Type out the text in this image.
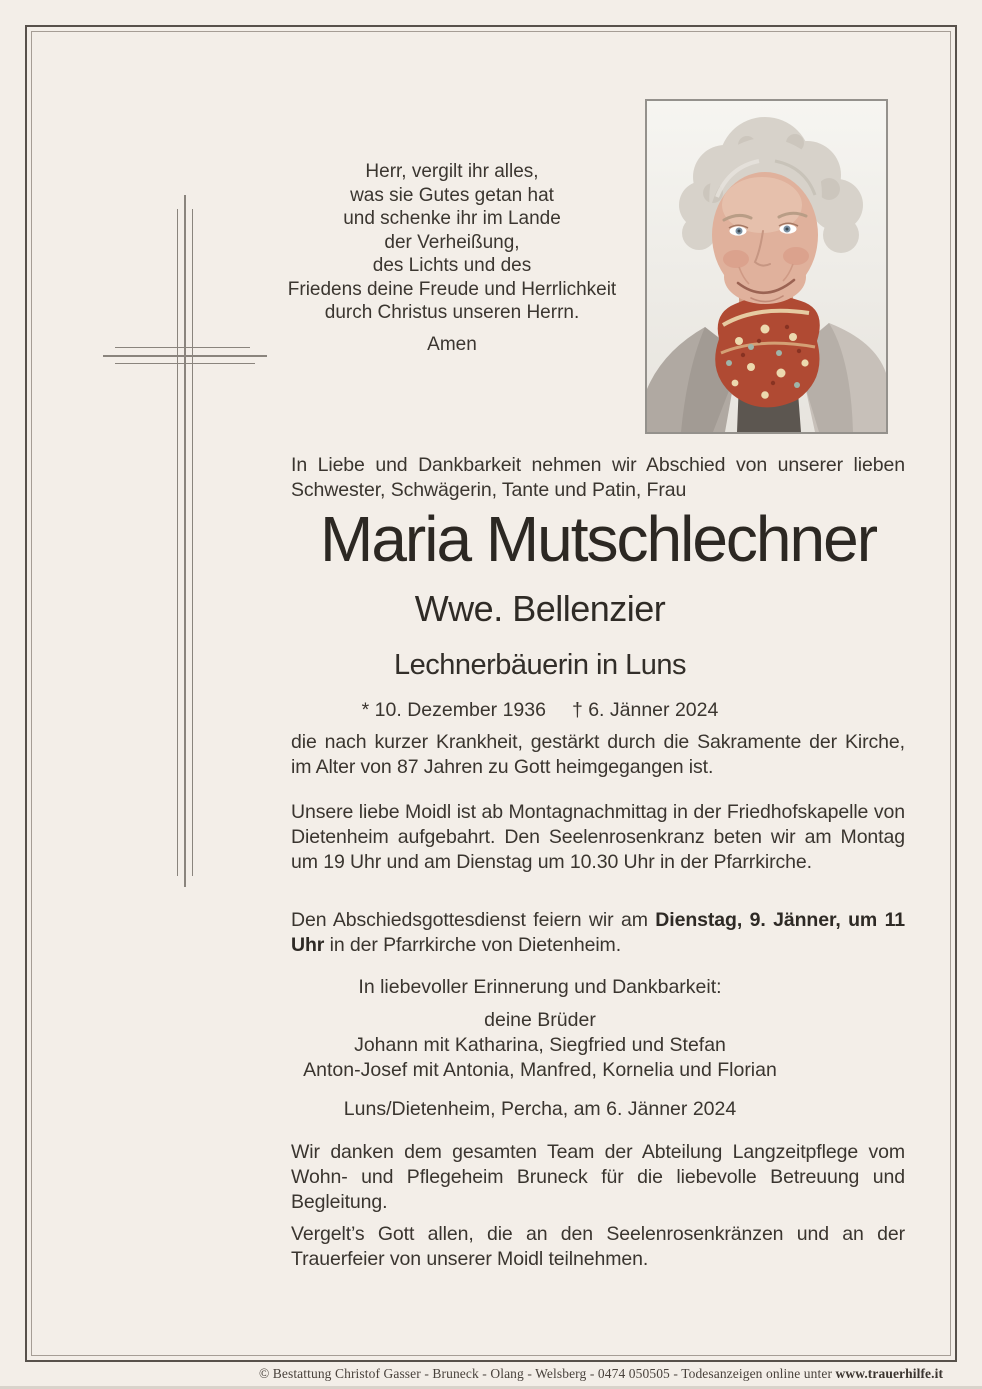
Herr, vergilt ihr alles,
was sie Gutes getan hat
und schenke ihr im Lande
der Verheißung,
des Lichts und des
Friedens deine Freude und Herrlichkeit
durch Christus unseren Herrn.
Amen
In Liebe und Dankbarkeit nehmen wir Abschied von unserer lieben Schwester, Schwägerin, Tante und Patin, Frau
Maria Mutschlechner
Wwe. Bellenzier
Lechnerbäuerin in Luns
* 10. Dezember 1936 † 6. Jänner 2024
die nach kurzer Krankheit, gestärkt durch die Sakramente der Kirche, im Alter von 87 Jahren zu Gott heimgegangen ist.
Unsere liebe Moidl ist ab Montagnachmittag in der Friedhofskapelle von Dietenheim aufgebahrt. Den Seelenrosenkranz beten wir am Montag um 19 Uhr und am Dienstag um 10.30 Uhr in der Pfarrkirche.
Den Abschiedsgottesdienst feiern wir am Dienstag, 9. Jänner, um 11 Uhr in der Pfarrkirche von Dietenheim.
In liebevoller Erinnerung und Dankbarkeit:
deine Brüder
Johann mit Katharina, Siegfried und Stefan
Anton-Josef mit Antonia, Manfred, Kornelia und Florian
Luns/Dietenheim, Percha, am 6. Jänner 2024
Wir danken dem gesamten Team der Abteilung Langzeitpflege vom Wohn- und Pflegeheim Bruneck für die liebevolle Betreuung und Begleitung.
Vergelt’s Gott allen, die an den Seelenrosenkränzen und an der Trauerfeier von unserer Moidl teilnehmen.
© Bestattung Christof Gasser - Bruneck - Olang - Welsberg - 0474 050505 - Todesanzeigen online unter www.trauerhilfe.it
